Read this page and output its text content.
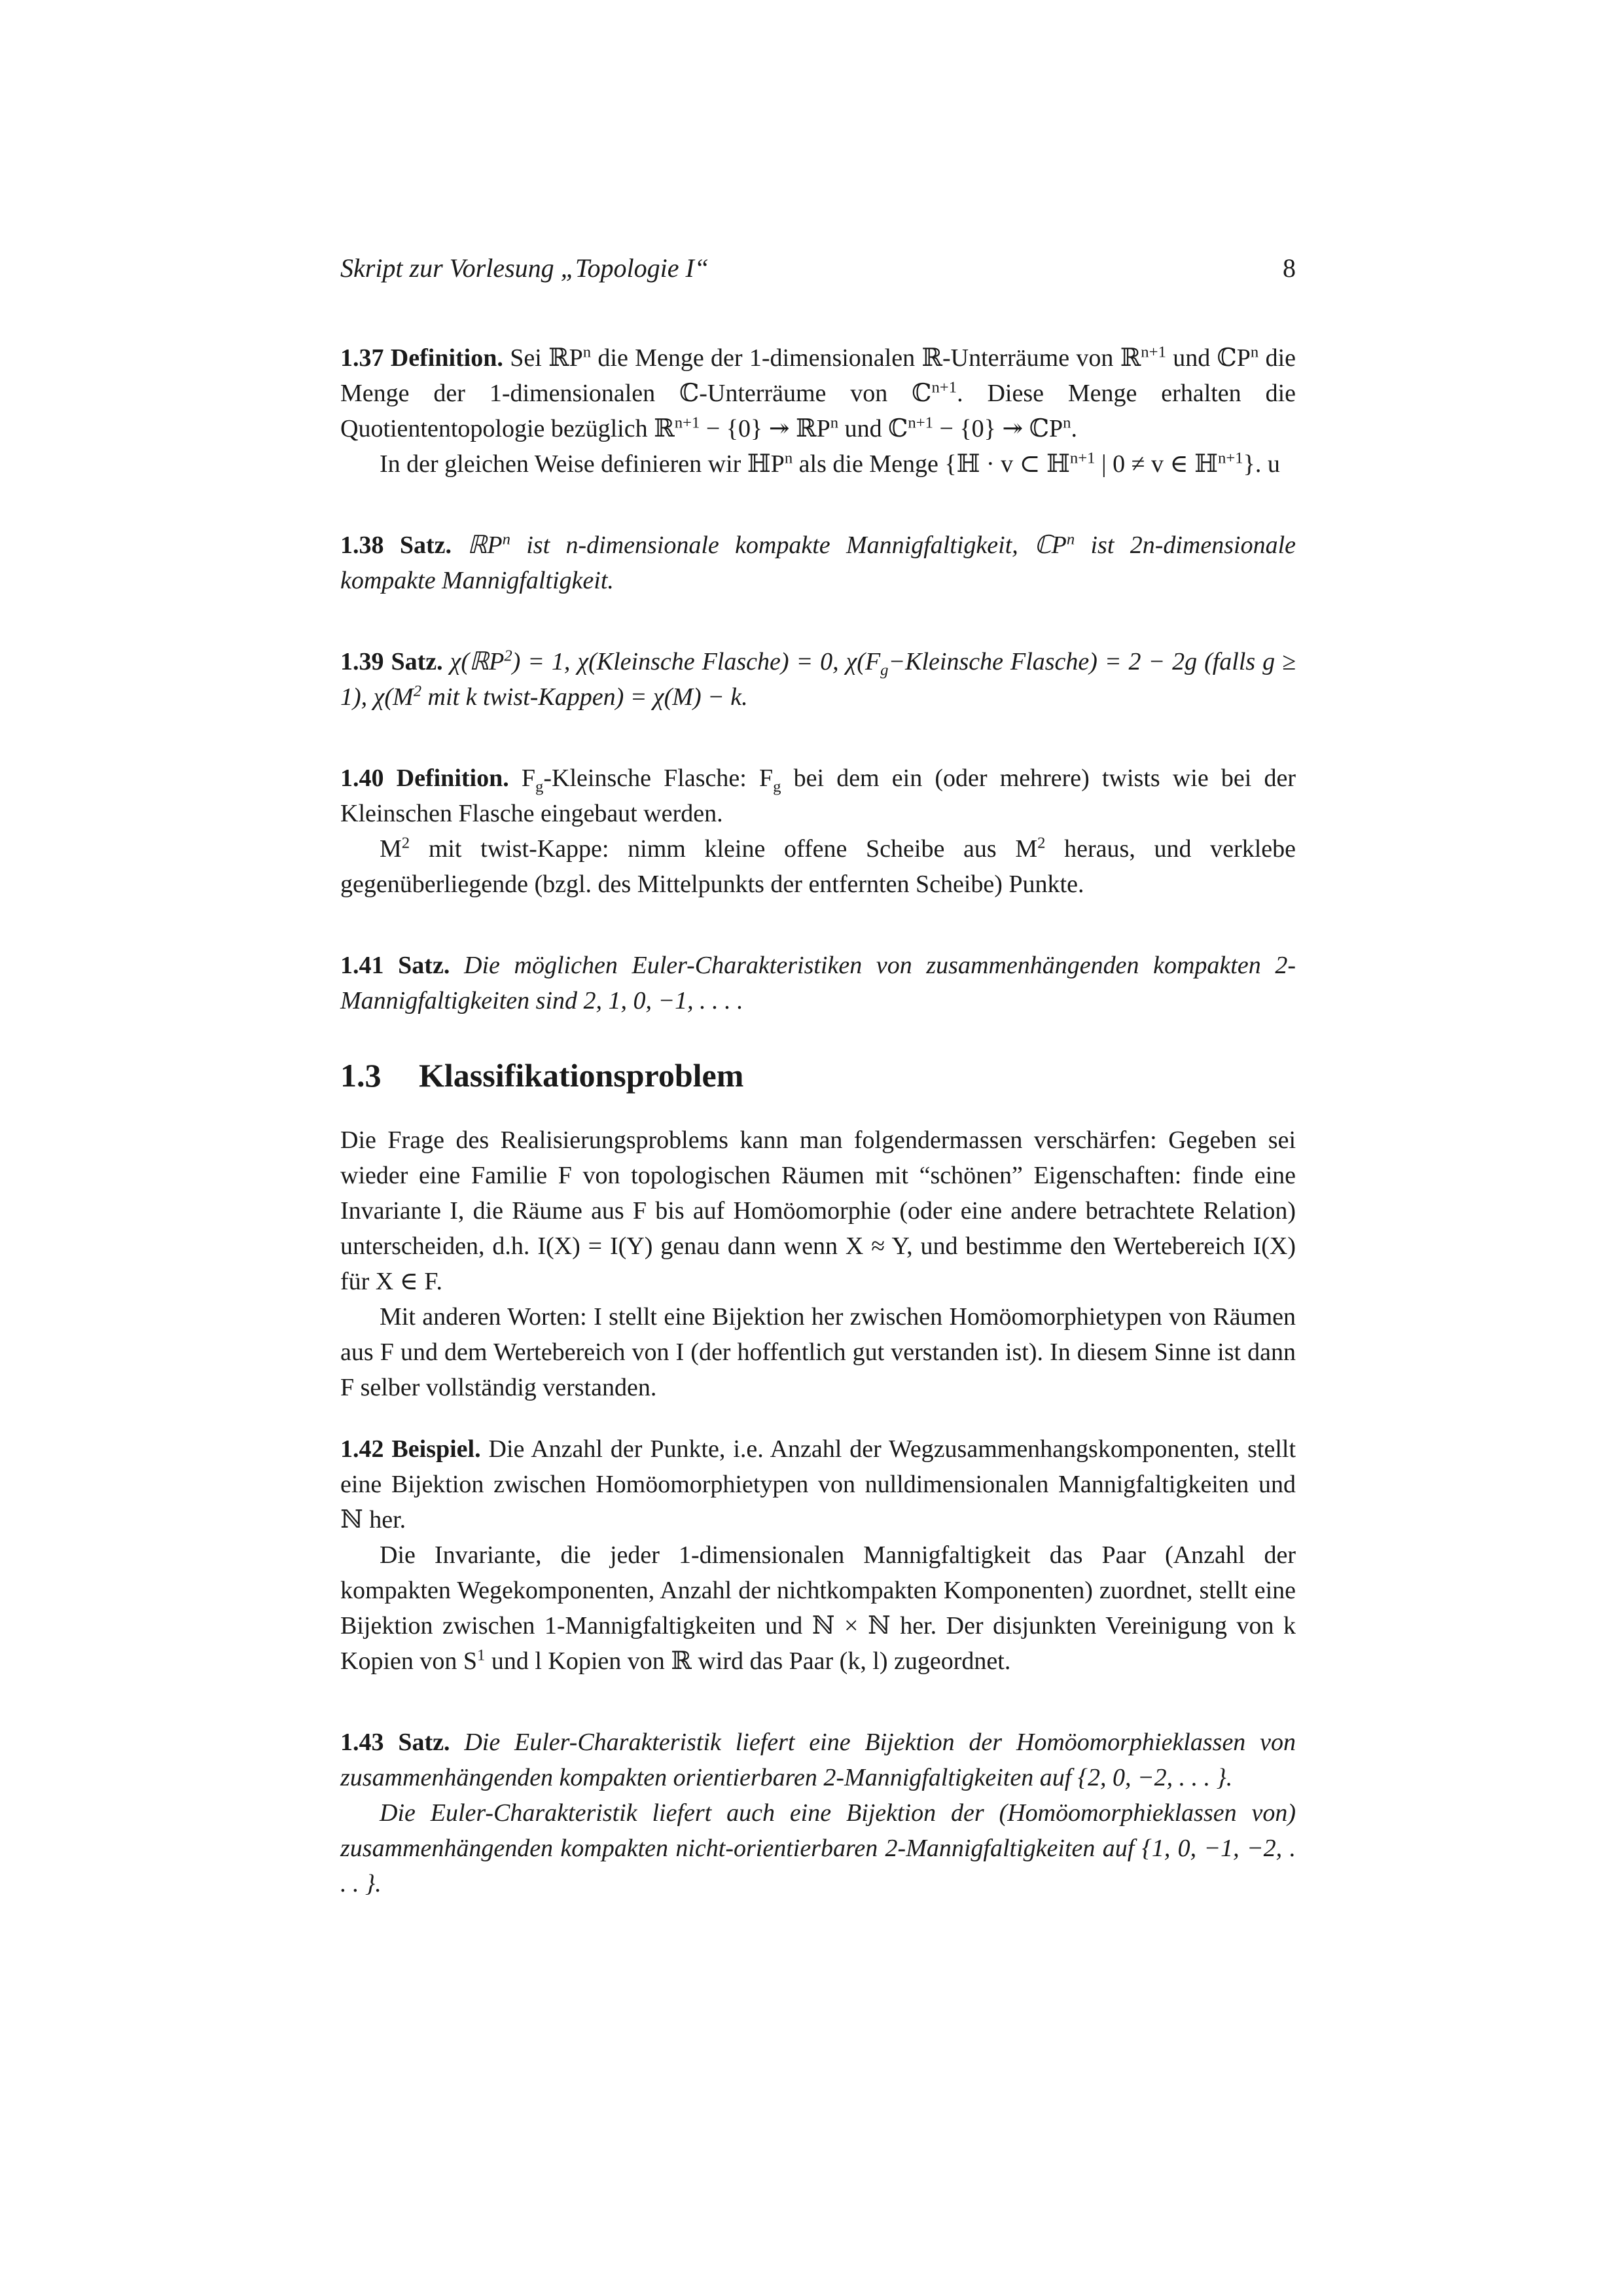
Skript zur Vorlesung „Topologie I“	8

1.37 Definition. Sei ℝP$^n$ die Menge der 1-dimensionalen ℝ-Unterräume von ℝ$^{n+1}$ und ℂP$^n$ die Menge der 1-dimensionalen ℂ-Unterräume von ℂ$^{n+1}$. Diese Menge erhalten die Quotiententopologie bezüglich ℝ$^{n+1}$ − {0} ↠ ℝP$^n$ und ℂ$^{n+1}$ − {0} ↠ ℂP$^n$.

In der gleichen Weise definieren wir ℍP$^n$ als die Menge {ℍ · v ⊂ ℍ$^{n+1}$ | 0 ≠ v ∈ ℍ$^{n+1}$}. u

1.38 Satz. ℝP$^n$ ist n-dimensionale kompakte Mannigfaltigkeit, ℂP$^n$ ist 2n-dimensionale kompakte Mannigfaltigkeit.

1.39 Satz. χ(ℝP$^2$) = 1, χ(Kleinsche Flasche) = 0, $\chi(F_g-Kleinsche$ Flasche) = 2 − 2g (falls g ≥ 1), $\chi(M^2$ mit k twist-Kappen) = χ(M) − k.

1.40 Definition. $F_g$-Kleinsche Flasche: $F_g$ bei dem ein (oder mehrere) twists wie bei der Kleinschen Flasche eingebaut werden.

$M^2$ mit twist-Kappe: nimm kleine offene Scheibe aus $M^2$ heraus, und verklebe gegenüberliegende (bzgl. des Mittelpunkts der entfernten Scheibe) Punkte.

1.41 Satz. Die möglichen Euler-Charakteristiken von zusammenhängenden kompakten 2-Mannigfaltigkeiten sind 2, 1, 0, −1, . . . .

1.3 Klassifikationsproblem

Die Frage des Realisierungsproblems kann man folgendermassen verschärfen: Gegeben sei wieder eine Familie F von topologischen Räumen mit “schönen” Eigenschaften: finde eine Invariante I, die Räume aus F bis auf Homöomorphie (oder eine andere betrachtete Relation) unterscheiden, d.h. I(X) = I(Y) genau dann wenn X ≈ Y, und bestimme den Wertebereich I(X) für X ∈ F.

Mit anderen Worten: I stellt eine Bijektion her zwischen Homöomorphietypen von Räumen aus F und dem Wertebereich von I (der hoffentlich gut verstanden ist). In diesem Sinne ist dann F selber vollständig verstanden.

1.42 Beispiel. Die Anzahl der Punkte, i.e. Anzahl der Wegzusammenhangskomponenten, stellt eine Bijektion zwischen Homöomorphietypen von nulldimensionalen Mannigfaltigkeiten und ℕ her.

Die Invariante, die jeder 1-dimensionalen Mannigfaltigkeit das Paar (Anzahl der kompakten Wegekomponenten, Anzahl der nichtkompakten Komponenten) zuordnet, stellt eine Bijektion zwischen 1-Mannigfaltigkeiten und ℕ × ℕ her. Der disjunkten Vereinigung von k Kopien von $S^1$ und l Kopien von ℝ wird das Paar (k, l) zugeordnet.

1.43 Satz. Die Euler-Charakteristik liefert eine Bijektion der Homöomorphieklassen von zusammenhängenden kompakten orientierbaren 2-Mannigfaltigkeiten auf {2, 0, −2, . . . }.

Die Euler-Charakteristik liefert auch eine Bijektion der (Homöomorphieklassen von) zusammenhängenden kompakten nicht-orientierbaren 2-Mannigfaltigkeiten auf {1, 0, −1, −2, . . . }.
